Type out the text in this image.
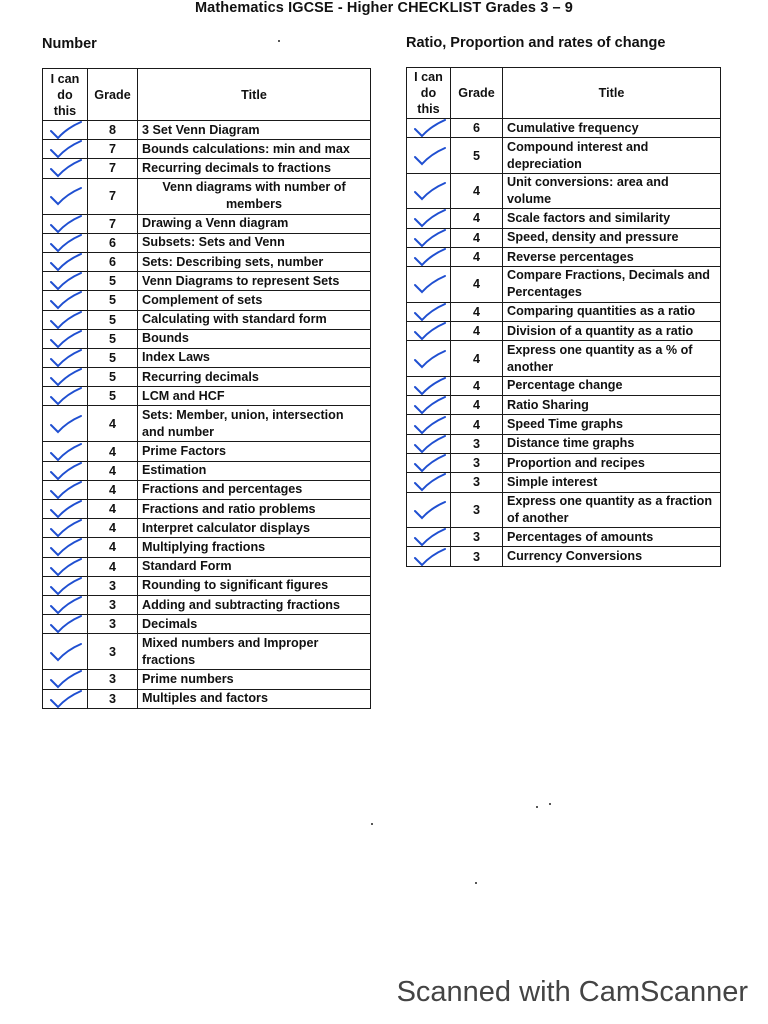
Mathematics IGCSE - Higher CHECKLIST Grades 3 – 9
Number	Ratio, Proportion and rates of change
I can do this	Grade	Title

	8	3 Set Venn Diagram

	7	Bounds calculations: min and max

	7	Recurring decimals to fractions

	7	Venn diagrams with number of members

	7	Drawing a Venn diagram

	6	Subsets: Sets and Venn

	6	Sets: Describing sets, number

	5	Venn Diagrams to represent Sets

	5	Complement of sets

	5	Calculating with standard form

	5	Bounds

	5	Index Laws

	5	Recurring decimals

	5	LCM and HCF

	4	Sets: Member, union, intersection and number

	4	Prime Factors

	4	Estimation

	4	Fractions and percentages

	4	Fractions and ratio problems

	4	Interpret calculator displays

	4	Multiplying fractions

	4	Standard Form

	3	Rounding to significant figures

	3	Adding and subtracting fractions

	3	Decimals

	3	Mixed numbers and Improper fractions

	3	Prime numbers

	3	Multiples and factors
I can do this	Grade	Title

	6	Cumulative frequency

	5	Compound interest and depreciation

	4	Unit conversions: area and volume

	4	Scale factors and similarity

	4	Speed, density and pressure

	4	Reverse percentages

	4	Compare Fractions, Decimals and Percentages

	4	Comparing quantities as a ratio

	4	Division of a quantity as a ratio

	4	Express one quantity as a % of another

	4	Percentage change

	4	Ratio Sharing

	4	Speed Time graphs

	3	Distance time graphs

	3	Proportion and recipes

	3	Simple interest

	3	Express one quantity as a fraction of another

	3	Percentages of amounts

	3	Currency Conversions
Scanned with CamScanner
